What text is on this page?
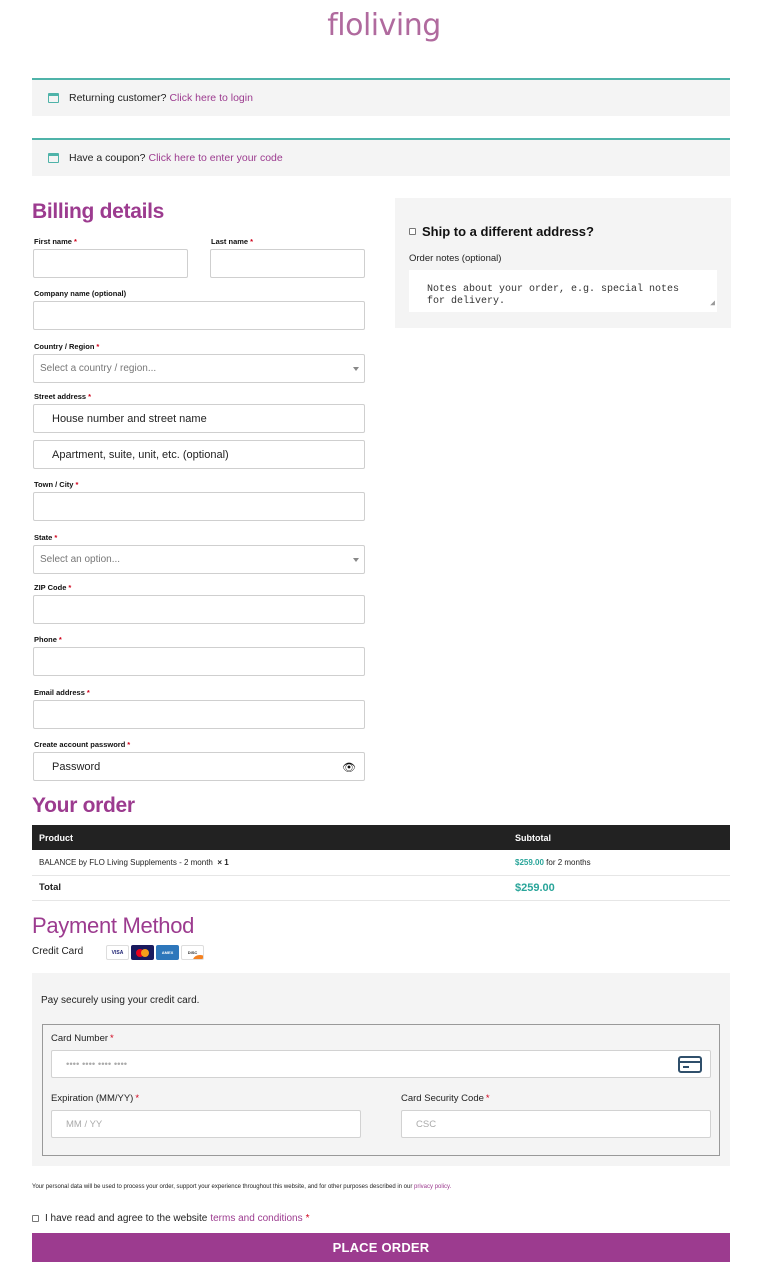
floliving
Returning customer? Click here to login
Have a coupon? Click here to enter your code
Billing details
First name *	Last name *
Company name (optional)
Country / Region *
Select a country / region...
Street address *
House number and street name
Apartment, suite, unit, etc. (optional)
Town / City *
State *
Select an option...
ZIP Code *
Phone *
Email address *
Create account password *
Password	👁
Ship to a different address?
Order notes (optional)
Notes about your order, e.g. special notes for delivery.	◢
Your order
Product	Subtotal
BALANCE by FLO Living Supplements - 2 month × 1	$259.00 for 2 months
Total	$259.00
Payment Method
Credit Card	VISA	AMEX	DISC
Pay securely using your credit card.
Card Number *
•••• •••• •••• ••••
Expiration (MM/YY) *
MM / YY
Card Security Code *
CSC
Your personal data will be used to process your order, support your experience throughout this website, and for other purposes described in our privacy policy.
I have read and agree to the website terms and conditions *
PLACE ORDER
